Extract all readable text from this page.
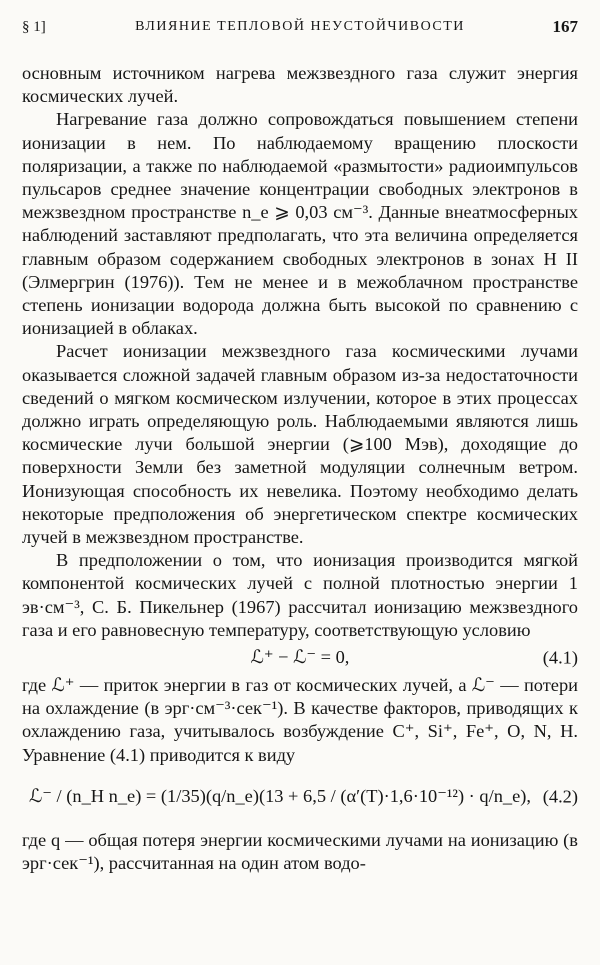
§ 1]	ВЛИЯНИЕ ТЕПЛОВОЙ НЕУСТОЙЧИВОСТИ	167

основным источником нагрева межзвездного газа служит энергия космических лучей.

Нагревание газа должно сопровождаться повышением степени ионизации в нем. По наблюдаемому вращению плоскости поляризации, а также по наблюдаемой «размытости» радиоимпульсов пульсаров среднее значение концентрации свободных электронов в межзвездном пространстве n_e ⩾ 0,03 см⁻³. Данные внеатмосферных наблюдений заставляют предполагать, что эта величина определяется главным образом содержанием свободных электронов в зонах H II (Элмергрин (1976)). Тем не менее и в межоблачном пространстве степень ионизации водорода должна быть высокой по сравнению с ионизацией в облаках.

Расчет ионизации межзвездного газа космическими лучами оказывается сложной задачей главным образом из-за недостаточности сведений о мягком космическом излучении, которое в этих процессах должно играть определяющую роль. Наблюдаемыми являются лишь космические лучи большой энергии (⩾100 Мэв), доходящие до поверхности Земли без заметной модуляции солнечным ветром. Ионизующая способность их невелика. Поэтому необходимо делать некоторые предположения об энергетическом спектре космических лучей в межзвездном пространстве.

В предположении о том, что ионизация производится мягкой компонентой космических лучей с полной плотностью энергии 1 эв·см⁻³, С. Б. Пикельнер (1967) рассчитал ионизацию межзвездного газа и его равновесную температуру, соответствующую условию

ℒ⁺ − ℒ⁻ = 0,	(4.1)

где ℒ⁺ — приток энергии в газ от космических лучей, а ℒ⁻ — потери на охлаждение (в эрг·см⁻³·сек⁻¹). В качестве факторов, приводящих к охлаждению газа, учитывалось возбуждение C⁺, Si⁺, Fe⁺, O, N, H. Уравнение (4.1) приводится к виду

ℒ⁻ / (n_H n_e) = (1/35)(q/n_e)(13 + 6,5 / (α′(T)·1,6·10⁻¹²) · q/n_e), (4.2)

где q — общая потеря энергии космическими лучами на ионизацию (в эрг·сек⁻¹), рассчитанная на один атом водо-
